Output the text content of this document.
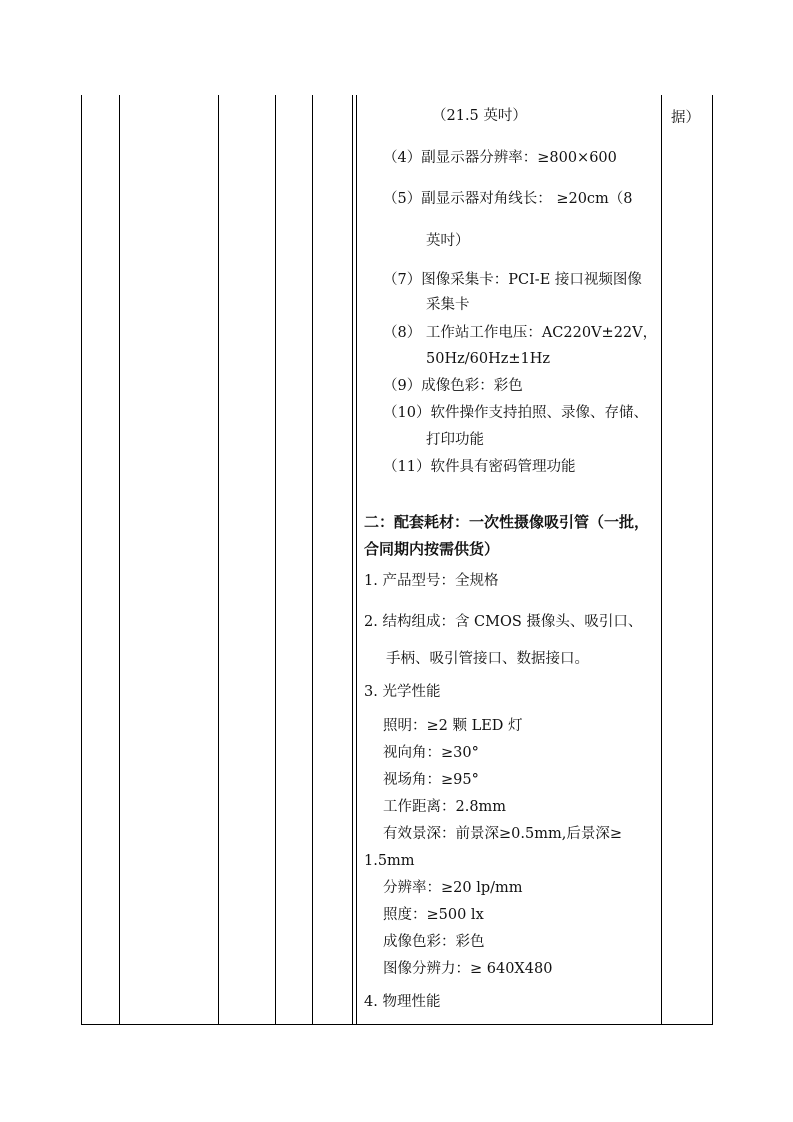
据）
（21.5 英吋）
（4）副显示器分辨率：≥800×600
（5）副显示器对角线长： ≥20cm（8
英吋）
（7）图像采集卡：PCI-E 接口视频图像
采集卡
（8） 工作站工作电压：AC220V±22V，
50Hz/60Hz±1Hz
（9）成像色彩：彩色
（10）软件操作支持拍照、录像、存储、
打印功能
（11）软件具有密码管理功能
二：配套耗材：一次性摄像吸引管（一批，
合同期内按需供货）
1. 产品型号：全规格
2. 结构组成：含 CMOS 摄像头、吸引口、
手柄、吸引管接口、数据接口。
3. 光学性能
照明：≥2 颗 LED 灯
视向角：≥30°
视场角：≥95°
工作距离：2.8mm
有效景深：前景深≥0.5mm,后景深≥
1.5mm
分辨率：≥20 lp/mm
照度：≥500 lx
成像色彩：彩色
图像分辨力：≥ 640X480
4. 物理性能
